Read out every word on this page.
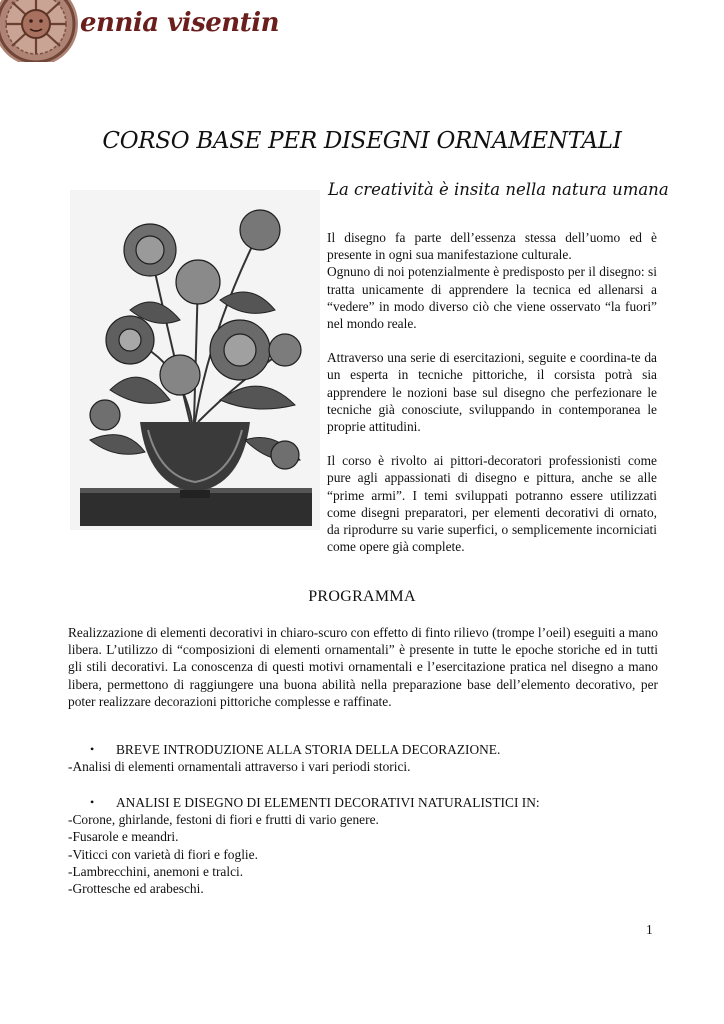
ennia visentin
CORSO BASE PER DISEGNI ORNAMENTALI
La creatività è insita nella natura umana

Il disegno fa parte dell’essenza stessa dell’uomo ed è presente in ogni sua manifestazione culturale.
Ognuno di noi potenzialmente è predisposto per il disegno: si tratta unicamente di apprendere la tecnica ed allenarsi a “vedere” in modo diverso ciò che viene osservato “la fuori” nel mondo reale.

Attraverso una serie di esercitazioni, seguite e coordina-te da un esperta in tecniche pittoriche, il corsista potrà sia apprendere le nozioni base sul disegno che perfezionare le tecniche già conosciute, sviluppando in contemporanea le proprie attitudini.

Il corso è rivolto ai pittori-decoratori professionisti come pure agli appassionati di disegno e pittura, anche se alle “prime armi”. I temi sviluppati potranno essere utilizzati come disegni preparatori, per elementi decorativi di ornato, da riprodurre su varie superfici, o semplicemente incorniciati come opere già complete.

PROGRAMMA
Realizzazione di elementi decorativi in chiaro-scuro con effetto di finto rilievo (trompe l’oeil) eseguiti a mano libera. L’utilizzo di “composizioni di elementi ornamentali” è presente in tutte le epoche storiche ed in tutti gli stili decorativi. La conoscenza di questi motivi ornamentali e l’esercitazione pratica nel disegno a mano libera, permettono di raggiungere una buona abilità nella preparazione base dell’elemento decorativo, per poter realizzare decorazioni pittoriche complesse e raffinate.
• BREVE INTRODUZIONE ALLA STORIA DELLA DECORAZIONE.
-Analisi di elementi ornamentali attraverso i vari periodi storici.
• ANALISI E DISEGNO DI ELEMENTI DECORATIVI NATURALISTICI IN:
-Corone, ghirlande, festoni di fiori e frutti di vario genere.
-Fusarole e meandri.
-Viticci con varietà di fiori e foglie.
-Lambrecchini, anemoni e tralci.
-Grottesche ed arabeschi.
1
